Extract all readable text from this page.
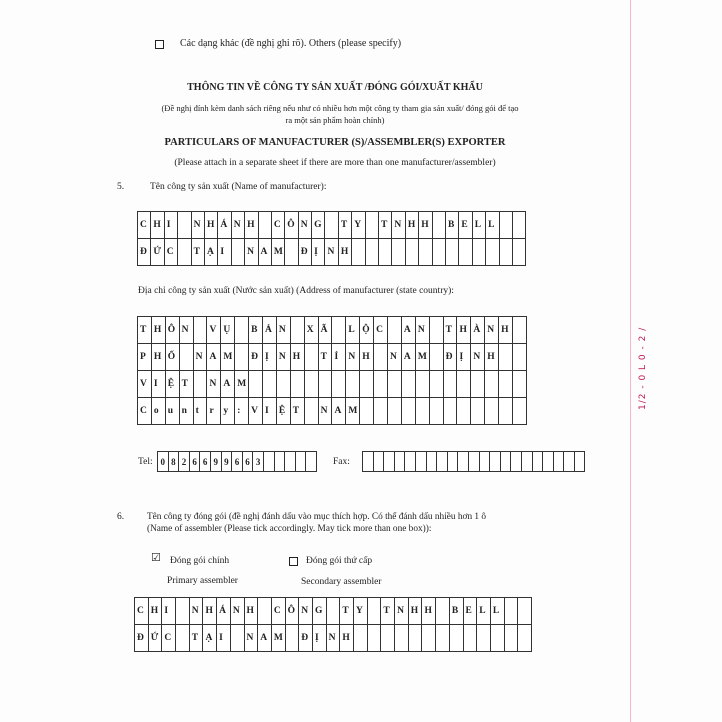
Các dạng khác (đề nghị ghi rõ). Others (please specify)
THÔNG TIN VỀ CÔNG TY SẢN XUẤT /ĐÓNG GÓI/XUẤT KHẨU
(Đề nghị đính kèm danh sách riêng nếu như có nhiều hơn một công ty tham gia sản xuất/ đóng gói để tạo
ra một sản phẩm hoàn chỉnh)
PARTICULARS OF MANUFACTURER (S)/ASSEMBLER(S) EXPORTER
(Please attach in a separate sheet if there are more than one manufacturer/assembler)
5.	Tên công ty sản xuất (Name of manufacturer):
C H I	N H Á N H	C Ô N G	T Y	T N H H	B E L L
Đ Ứ C	T Ạ I	N A M	Đ Ị	N H
Địa chỉ công ty sản xuất (Nước sản xuất) (Address of manufacturer (state country):
T H Ô N	V Ụ	B Ả N	X Ã	L Ộ C	A N	T H À N H
P H Ố	N A M	Đ Ị	N H	T Ỉ	N H	N A M	Đ Ị	N H
V I	Ệ T	N A M
C o u n t	r	y :	V I	Ệ T	N A M
Tel: 0 8 2 6 6 9 9 6 6 3	Fax:
6. Tên công ty đóng gói (đề nghị đánh dấu vào mục thích hợp. Có thể đánh dấu nhiều hơn 1 ô
(Name of assembler (Please tick accordingly. May tick more than one box)):
☑ Đóng gói chính
Primary assembler
Đóng gói thứ cấp
Secondary assembler
C H I	N H Á N H	C Ô N G	T Y	T N H H	B E L L
Đ Ứ C	T Ạ I	N A M	Đ Ị	N H
1/2 - 0 L 0 - 2 /
